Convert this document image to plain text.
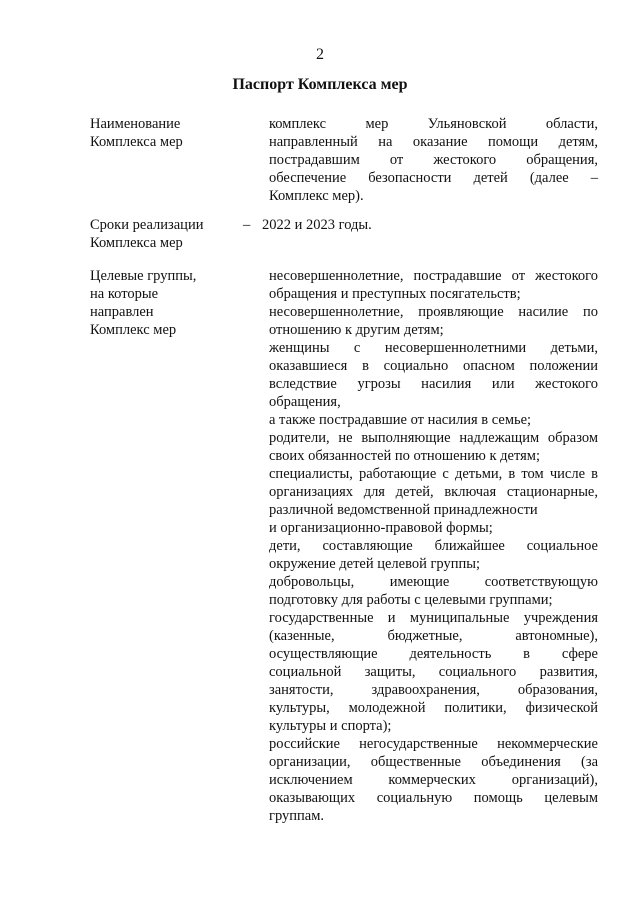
2
Паспорт Комплекса мер
Наименование
Комплекса мер
комплекс мер Ульяновской области,
направленный на оказание помощи детям,
пострадавшим от жестокого обращения,
обеспечение безопасности детей (далее –
Комплекс мер).
Сроки реализации
Комплекса мер
– 2022 и 2023 годы.
Целевые группы,
на которые
направлен
Комплекс мер
несовершеннолетние, пострадавшие от жестокого
обращения и преступных посягательств;
несовершеннолетние, проявляющие насилие по
отношению к другим детям;
женщины с несовершеннолетними детьми,
оказавшиеся в социально опасном положении
вследствие угрозы насилия или жестокого
обращения,
а также пострадавшие от насилия в семье;
родители, не выполняющие надлежащим образом
своих обязанностей по отношению к детям;
специалисты, работающие с детьми, в том числе в
организациях для детей, включая стационарные,
различной ведомственной принадлежности
и организационно-правовой формы;
дети, составляющие ближайшее социальное
окружение детей целевой группы;
добровольцы, имеющие соответствующую
подготовку для работы с целевыми группами;
государственные и муниципальные учреждения
(казенные, бюджетные, автономные),
осуществляющие деятельность в сфере
социальной защиты, социального развития,
занятости, здравоохранения, образования,
культуры, молодежной политики, физической
культуры и спорта);
российские негосударственные некоммерческие
организации, общественные объединения (за
исключением коммерческих организаций),
оказывающих социальную помощь целевым
группам.
